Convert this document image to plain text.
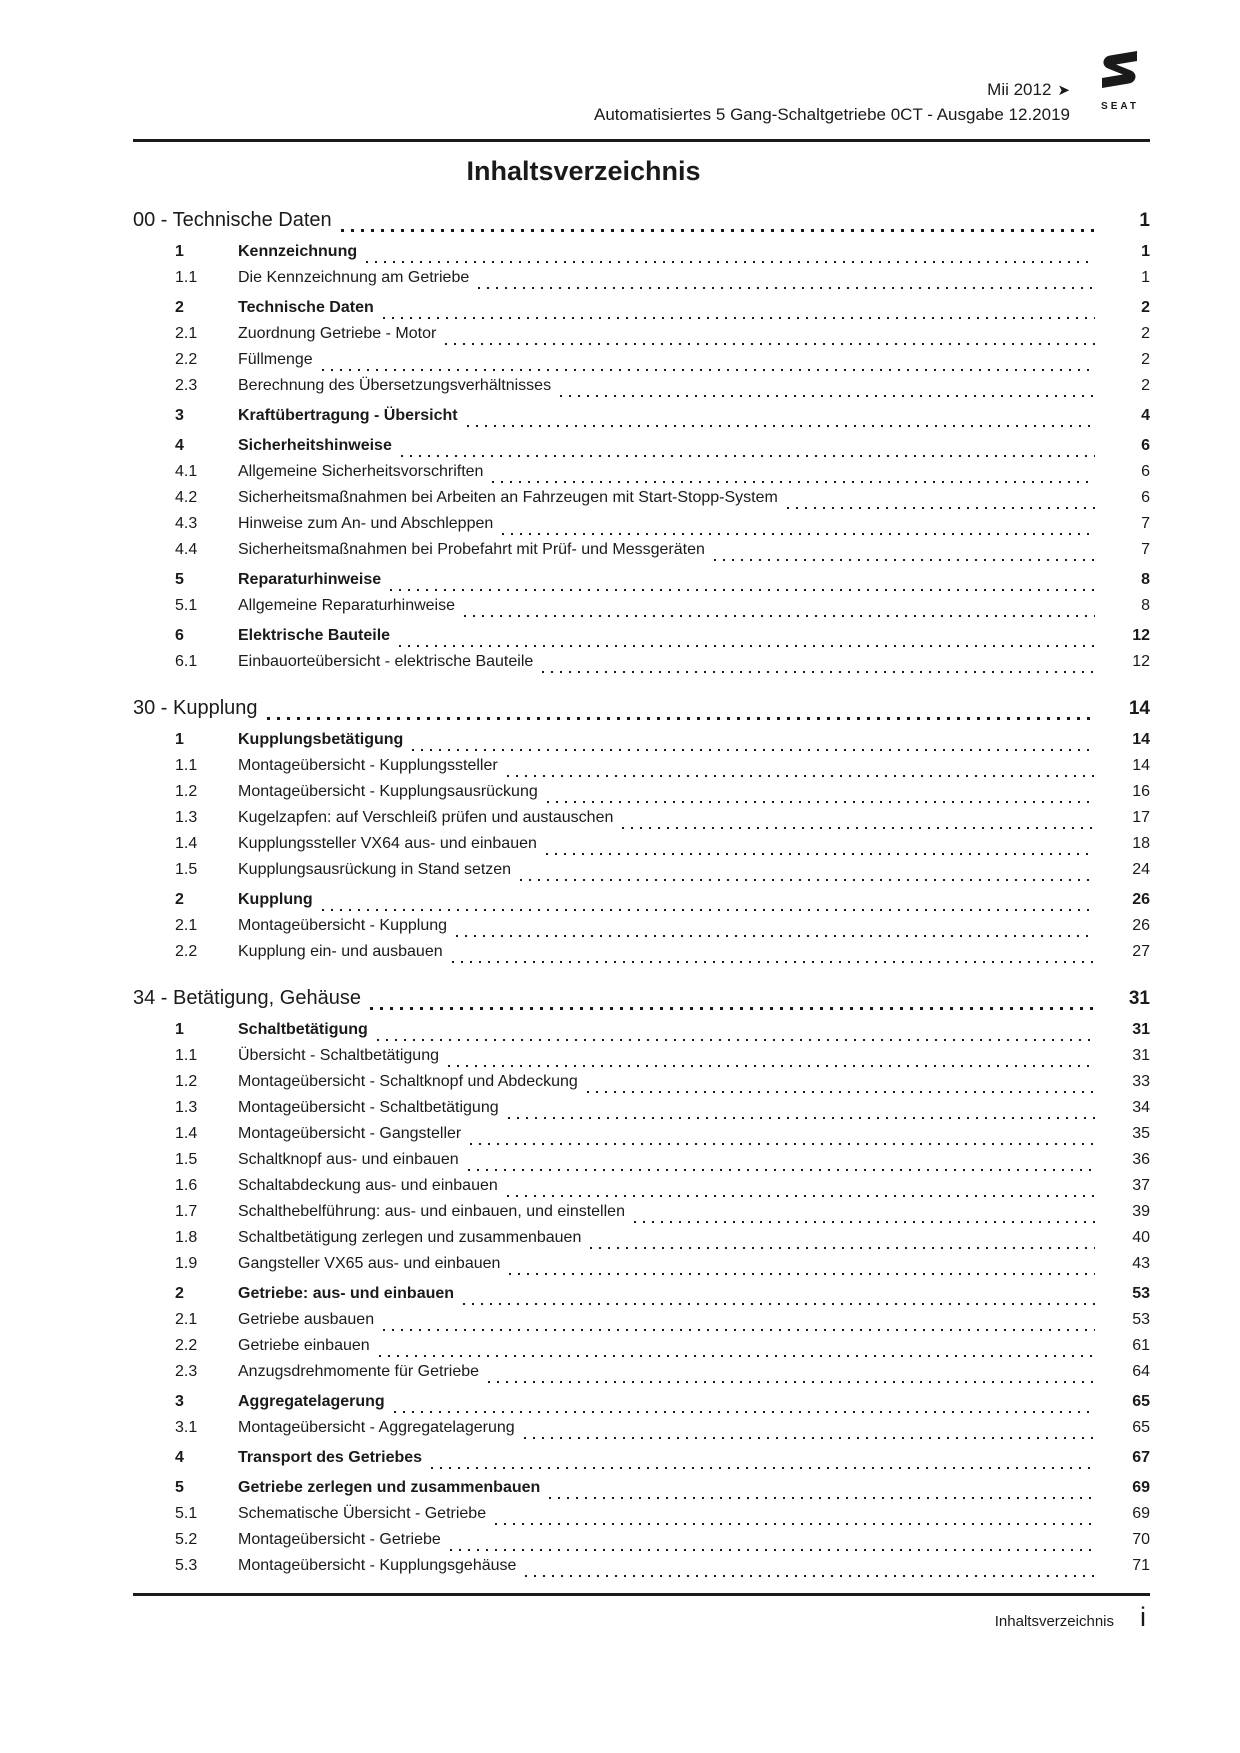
Mii 2012 ➤
Automatisiertes 5 Gang-Schaltgetriebe 0CT - Ausgabe 12.2019	SEAT
Inhaltsverzeichnis
00 - Technische Daten	1
1	Kennzeichnung	1
1.1	Die Kennzeichnung am Getriebe	1
2	Technische Daten	2
2.1	Zuordnung Getriebe - Motor	2
2.2	Füllmenge	2
2.3	Berechnung des Übersetzungsverhältnisses	2
3	Kraftübertragung - Übersicht	4
4	Sicherheitshinweise	6
4.1	Allgemeine Sicherheitsvorschriften	6
4.2	Sicherheitsmaßnahmen bei Arbeiten an Fahrzeugen mit Start-Stopp-System	6
4.3	Hinweise zum An- und Abschleppen	7
4.4	Sicherheitsmaßnahmen bei Probefahrt mit Prüf- und Messgeräten	7
5	Reparaturhinweise	8
5.1	Allgemeine Reparaturhinweise	8
6	Elektrische Bauteile	12
6.1	Einbauorteübersicht - elektrische Bauteile	12
30 - Kupplung	14
1	Kupplungsbetätigung	14
1.1	Montageübersicht - Kupplungssteller	14
1.2	Montageübersicht - Kupplungsausrückung	16
1.3	Kugelzapfen: auf Verschleiß prüfen und austauschen	17
1.4	Kupplungssteller VX64 aus- und einbauen	18
1.5	Kupplungsausrückung in Stand setzen	24
2	Kupplung	26
2.1	Montageübersicht - Kupplung	26
2.2	Kupplung ein- und ausbauen	27
34 - Betätigung, Gehäuse	31
1	Schaltbetätigung	31
1.1	Übersicht - Schaltbetätigung	31
1.2	Montageübersicht - Schaltknopf und Abdeckung	33
1.3	Montageübersicht - Schaltbetätigung	34
1.4	Montageübersicht - Gangsteller	35
1.5	Schaltknopf aus- und einbauen	36
1.6	Schaltabdeckung aus- und einbauen	37
1.7	Schalthebelführung: aus- und einbauen, und einstellen	39
1.8	Schaltbetätigung zerlegen und zusammenbauen	40
1.9	Gangsteller VX65 aus- und einbauen	43
2	Getriebe: aus- und einbauen	53
2.1	Getriebe ausbauen	53
2.2	Getriebe einbauen	61
2.3	Anzugsdrehmomente für Getriebe	64
3	Aggregatelagerung	65
3.1	Montageübersicht - Aggregatelagerung	65
4	Transport des Getriebes	67
5	Getriebe zerlegen und zusammenbauen	69
5.1	Schematische Übersicht - Getriebe	69
5.2	Montageübersicht - Getriebe	70
5.3	Montageübersicht - Kupplungsgehäuse	71
Inhaltsverzeichnis i
